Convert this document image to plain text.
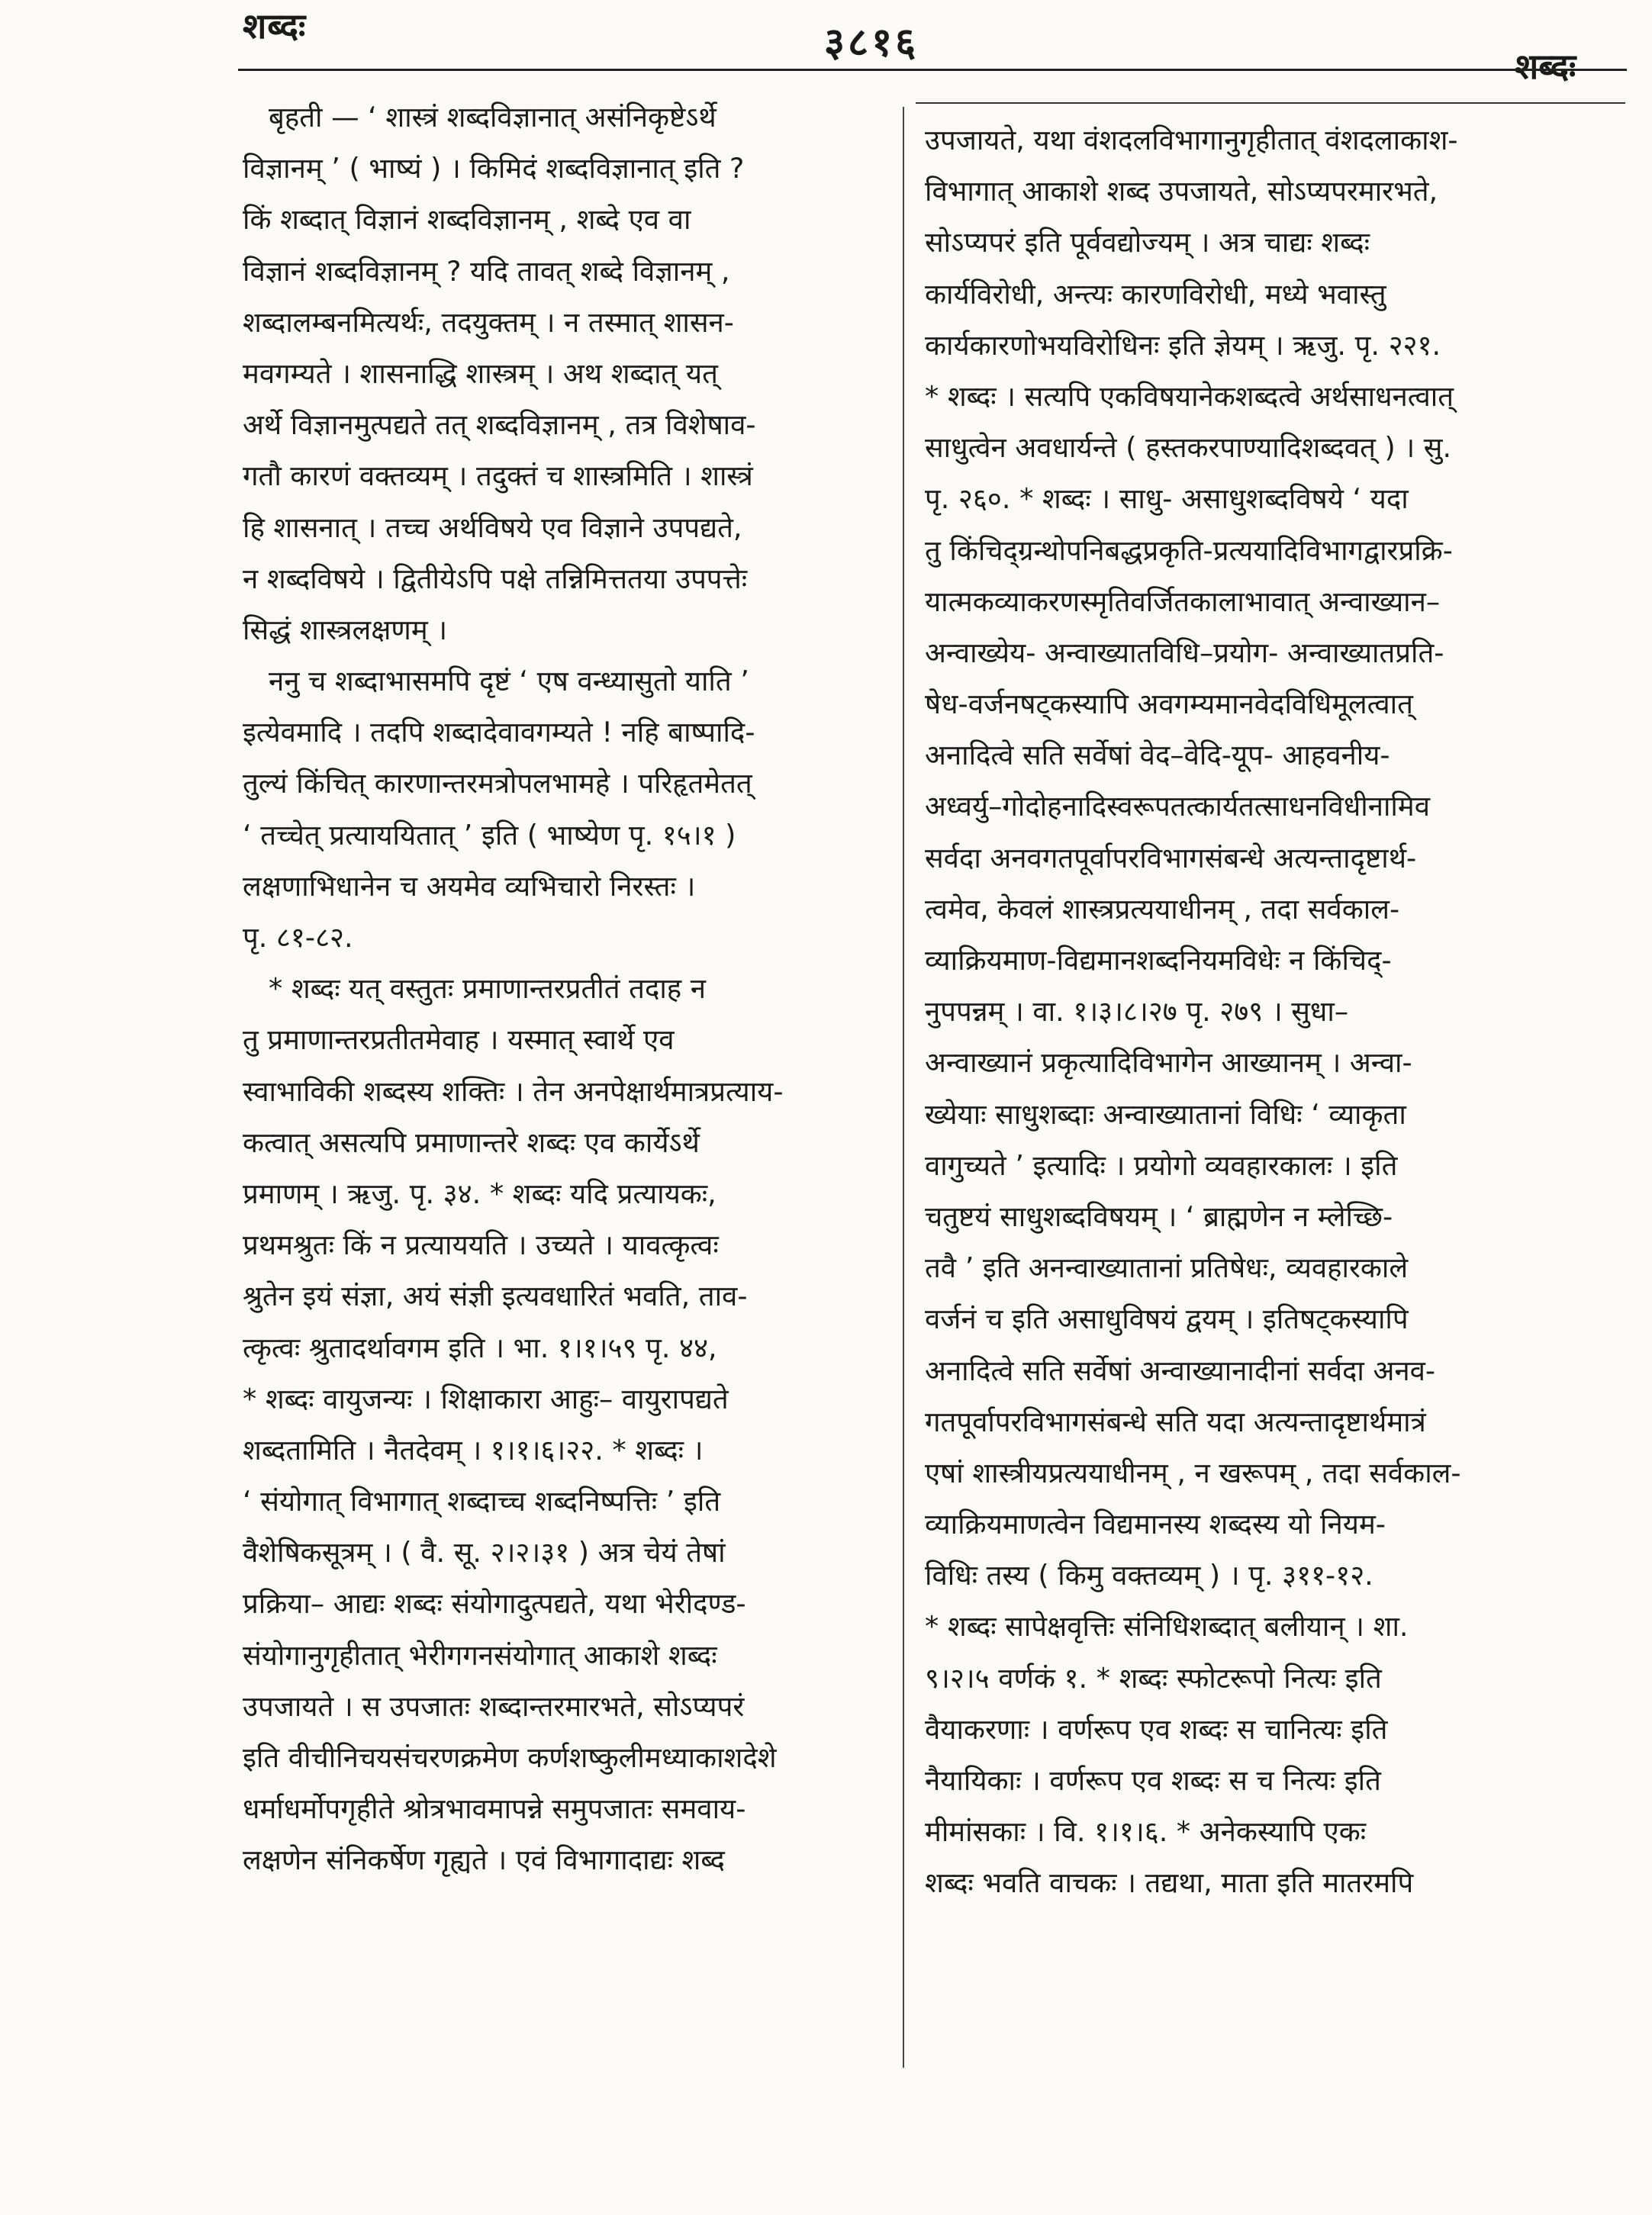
शब्दः	३८१६
शब्दः
बृहती — ‘ शास्त्रं शब्दविज्ञानात् असंनिकृष्टेऽर्थे
विज्ञानम् ’ ( भाष्यं ) । किमिदं शब्दविज्ञानात् इति ?
किं शब्दात् विज्ञानं शब्दविज्ञानम् , शब्दे एव वा
विज्ञानं शब्दविज्ञानम् ? यदि तावत् शब्दे विज्ञानम् ,
शब्दालम्बनमित्यर्थः, तदयुक्तम् । न तस्मात् शासन-
मवगम्यते । शासनाद्धि शास्त्रम् । अथ शब्दात् यत्
अर्थे विज्ञानमुत्पद्यते तत् शब्दविज्ञानम् , तत्र विशेषाव-
गतौ कारणं वक्तव्यम् । तदुक्तं च शास्त्रमिति । शास्त्रं
हि शासनात् । तच्च अर्थविषये एव विज्ञाने उपपद्यते,
न शब्दविषये । द्वितीयेऽपि पक्षे तन्निमित्ततया उपपत्तेः
सिद्धं शास्त्रलक्षणम् ।
ननु च शब्दाभासमपि दृष्टं ‘ एष वन्ध्यासुतो याति ’
इत्येवमादि । तदपि शब्दादेवावगम्यते ! नहि बाष्पादि-
तुल्यं किंचित् कारणान्तरमत्रोपलभामहे । परिहृतमेतत्
‘ तच्चेत् प्रत्याययितात् ’ इति ( भाष्येण पृ. १५।१ )
लक्षणाभिधानेन च अयमेव व्यभिचारो निरस्तः ।
पृ. ८१-८२.
* शब्दः यत् वस्तुतः प्रमाणान्तरप्रतीतं तदाह न
तु प्रमाणान्तरप्रतीतमेवाह । यस्मात् स्वार्थे एव
स्वाभाविकी शब्दस्य शक्तिः । तेन अनपेक्षार्थमात्रप्रत्याय-
कत्वात् असत्यपि प्रमाणान्तरे शब्दः एव कार्येऽर्थे
प्रमाणम् । ऋजु. पृ. ३४. * शब्दः यदि प्रत्यायकः,
प्रथमश्रुतः किं न प्रत्याययति । उच्यते । यावत्कृत्वः
श्रुतेन इयं संज्ञा, अयं संज्ञी इत्यवधारितं भवति, ताव-
त्कृत्वः श्रुतादर्थावगम इति । भा. १।१।५९ पृ. ४४,
* शब्दः वायुजन्यः । शिक्षाकारा आहुः– वायुरापद्यते
शब्दतामिति । नैतदेवम् । १।१।६।२२. * शब्दः ।
‘ संयोगात् विभागात् शब्दाच्च शब्दनिष्पत्तिः ’ इति
वैशेषिकसूत्रम् । ( वै. सू. २।२।३१ ) अत्र चेयं तेषां
प्रक्रिया– आद्यः शब्दः संयोगादुत्पद्यते, यथा भेरीदण्ड-
संयोगानुगृहीतात् भेरीगगनसंयोगात् आकाशे शब्दः
उपजायते । स उपजातः शब्दान्तरमारभते, सोऽप्यपरं
इति वीचीनिचयसंचरणक्रमेण कर्णशष्कुलीमध्याकाशदेशे
धर्माधर्मोपगृहीते श्रोत्रभावमापन्ने समुपजातः समवाय-
लक्षणेन संनिकर्षेण गृह्यते । एवं विभागादाद्यः शब्द
उपजायते, यथा वंशदलविभागानुगृहीतात् वंशदलाकाश-
विभागात् आकाशे शब्द उपजायते, सोऽप्यपरमारभते,
सोऽप्यपरं इति पूर्ववद्योज्यम् । अत्र चाद्यः शब्दः
कार्यविरोधी, अन्त्यः कारणविरोधी, मध्ये भवास्तु
कार्यकारणोभयविरोधिनः इति ज्ञेयम् । ऋजु. पृ. २२१.
* शब्दः । सत्यपि एकविषयानेकशब्दत्वे अर्थसाधनत्वात्
साधुत्वेन अवधार्यन्ते ( हस्तकरपाण्यादिशब्दवत् ) । सु.
पृ. २६०. * शब्दः । साधु- असाधुशब्दविषये ‘ यदा
तु किंचिद्ग्रन्थोपनिबद्धप्रकृति-प्रत्ययादिविभागद्वारप्रक्रि-
यात्मकव्याकरणस्मृतिवर्जितकालाभावात् अन्वाख्यान–
अन्वाख्येय- अन्वाख्यातविधि–प्रयोग- अन्वाख्यातप्रति-
षेध-वर्जनषट्कस्यापि अवगम्यमानवेदविधिमूलत्वात्
अनादित्वे सति सर्वेषां वेद–वेदि-यूप- आहवनीय-
अध्वर्यु–गोदोहनादिस्वरूपतत्कार्यतत्साधनविधीनामिव
सर्वदा अनवगतपूर्वापरविभागसंबन्धे अत्यन्तादृष्टार्थ-
त्वमेव, केवलं शास्त्रप्रत्ययाधीनम् , तदा सर्वकाल-
व्याक्रियमाण-विद्यमानशब्दनियमविधेः न किंचिद्-
नुपपन्नम् । वा. १।३।८।२७ पृ. २७९ । सुधा–
अन्वाख्यानं प्रकृत्यादिविभागेन आख्यानम् । अन्वा-
ख्येयाः साधुशब्दाः अन्वाख्यातानां विधिः ‘ व्याकृता
वागुच्यते ’ इत्यादिः । प्रयोगो व्यवहारकालः । इति
चतुष्टयं साधुशब्दविषयम् । ‘ ब्राह्मणेन न म्लेच्छि-
तवै ’ इति अनन्वाख्यातानां प्रतिषेधः, व्यवहारकाले
वर्जनं च इति असाधुविषयं द्वयम् । इतिषट्कस्यापि
अनादित्वे सति सर्वेषां अन्वाख्यानादीनां सर्वदा अनव-
गतपूर्वापरविभागसंबन्धे सति यदा अत्यन्तादृष्टार्थमात्रं
एषां शास्त्रीयप्रत्ययाधीनम् , न खरूपम् , तदा सर्वकाल-
व्याक्रियमाणत्वेन विद्यमानस्य शब्दस्य यो नियम-
विधिः तस्य ( किमु वक्तव्यम् ) । पृ. ३११-१२.
* शब्दः सापेक्षवृत्तिः संनिधिशब्दात् बलीयान् । शा.
९।२।५ वर्णकं १. * शब्दः स्फोटरूपो नित्यः इति
वैयाकरणाः । वर्णरूप एव शब्दः स चानित्यः इति
नैयायिकाः । वर्णरूप एव शब्दः स च नित्यः इति
मीमांसकाः । वि. १।१।६. * अनेकस्यापि एकः
शब्दः भवति वाचकः । तद्यथा, माता इति मातरमपि
